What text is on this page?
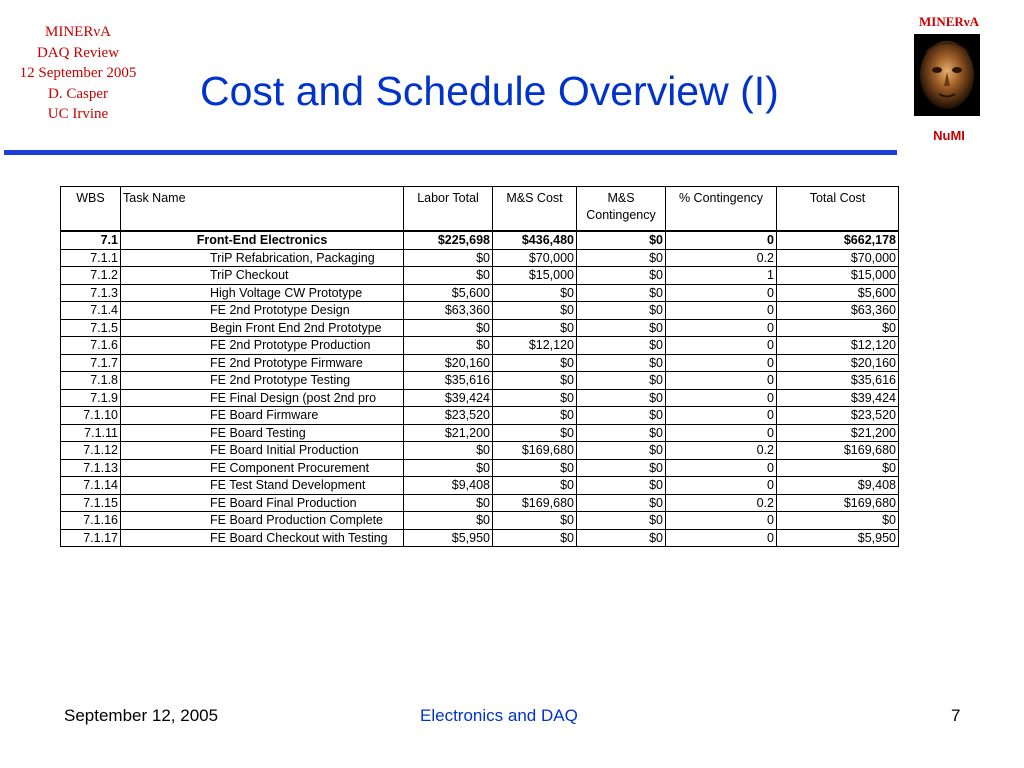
MINERνA
DAQ Review
12 September 2005
D. Casper
UC Irvine	Cost and Schedule Overview (I)
MINERνA
NuMI
WBS	Task Name	Labor Total	M&S Cost	M&S Contingency	% Contingency	Total Cost
7.1	Front-End Electronics	$225,698	$436,480	$0	0	$662,178
7.1.1	TriP Refabrication, Packaging	$0	$70,000	$0	0.2	$70,000
7.1.2	TriP Checkout	$0	$15,000	$0	1	$15,000
7.1.3	High Voltage CW Prototype	$5,600	$0	$0	0	$5,600
7.1.4	FE 2nd Prototype Design	$63,360	$0	$0	0	$63,360
7.1.5	Begin Front End 2nd Prototype	$0	$0	$0	0	$0
7.1.6	FE 2nd Prototype Production	$0	$12,120	$0	0	$12,120
7.1.7	FE 2nd Prototype Firmware	$20,160	$0	$0	0	$20,160
7.1.8	FE 2nd Prototype Testing	$35,616	$0	$0	0	$35,616
7.1.9	FE Final Design (post 2nd pro	$39,424	$0	$0	0	$39,424
7.1.10	FE Board Firmware	$23,520	$0	$0	0	$23,520
7.1.11	FE Board Testing	$21,200	$0	$0	0	$21,200
7.1.12	FE Board Initial Production	$0	$169,680	$0	0.2	$169,680
7.1.13	FE Component Procurement	$0	$0	$0	0	$0
7.1.14	FE Test Stand Development	$9,408	$0	$0	0	$9,408
7.1.15	FE Board Final Production	$0	$169,680	$0	0.2	$169,680
7.1.16	FE Board Production Complete	$0	$0	$0	0	$0
7.1.17	FE Board Checkout with Testing	$5,950	$0	$0	0	$5,950
September 12, 2005	Electronics and DAQ	7
